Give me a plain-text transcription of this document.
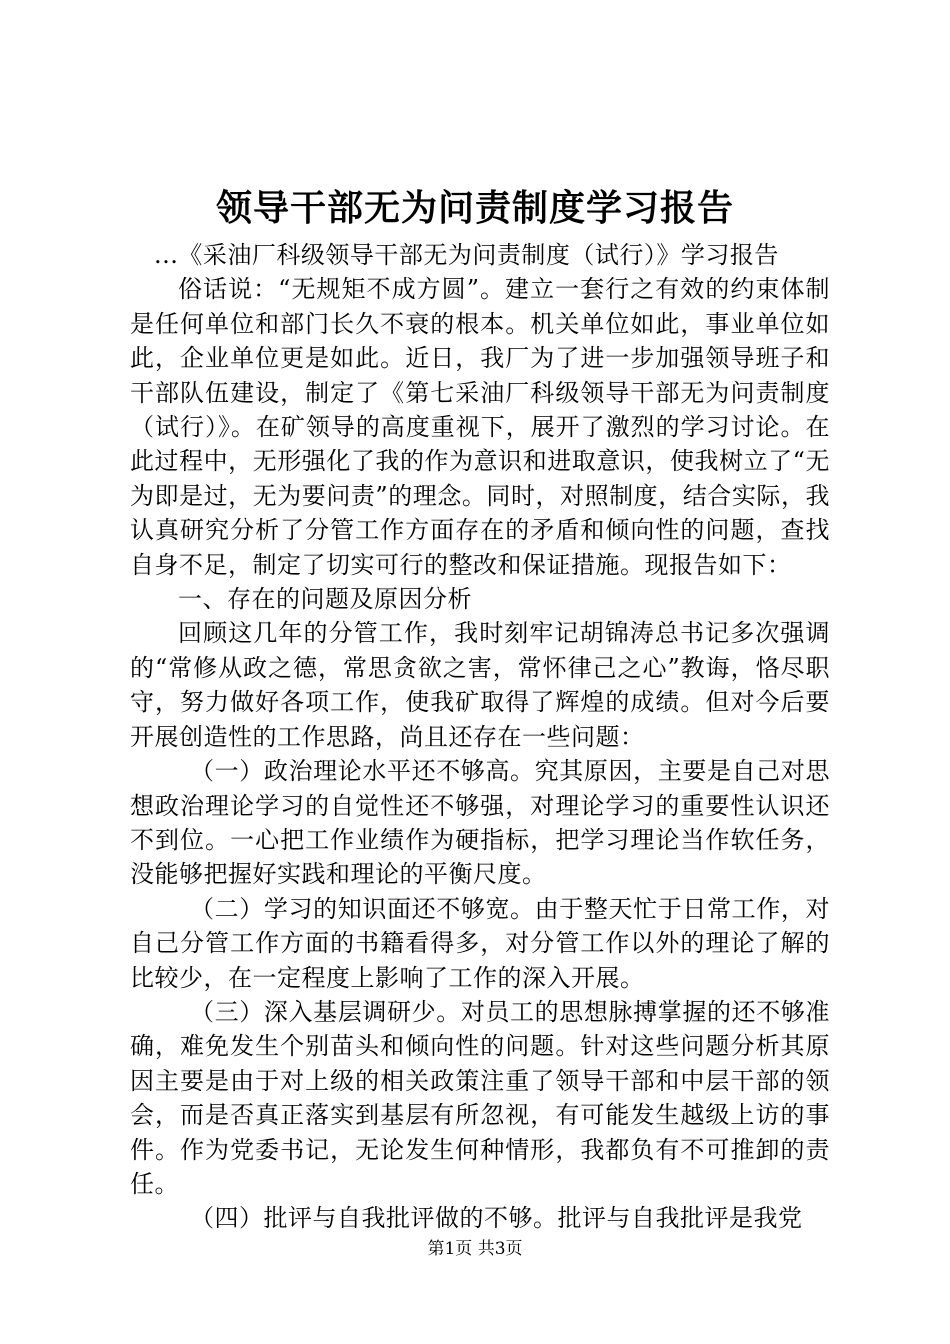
领导干部无为问责制度学习报告

...《采油厂科级领导干部无为问责制度（试行）》学习报告

俗话说：“无规矩不成方圆”。建立一套行之有效的约束体制是任何单位和部门长久不衰的根本。机关单位如此，事业单位如此，企业单位更是如此。近日，我厂为了进一步加强领导班子和干部队伍建设，制定了《第七采油厂科级领导干部无为问责制度（试行）》。在矿领导的高度重视下，展开了激烈的学习讨论。在此过程中，无形强化了我的作为意识和进取意识，使我树立了“无为即是过，无为要问责”的理念。同时，对照制度，结合实际，我认真研究分析了分管工作方面存在的矛盾和倾向性的问题，查找自身不足，制定了切实可行的整改和保证措施。现报告如下：

一、存在的问题及原因分析

回顾这几年的分管工作，我时刻牢记胡锦涛总书记多次强调的“常修从政之德，常思贪欲之害，常怀律己之心”教诲，恪尽职守，努力做好各项工作，使我矿取得了辉煌的成绩。但对今后要开展创造性的工作思路，尚且还存在一些问题：

（一）政治理论水平还不够高。究其原因，主要是自己对思想政治理论学习的自觉性还不够强，对理论学习的重要性认识还不到位。一心把工作业绩作为硬指标，把学习理论当作软任务，没能够把握好实践和理论的平衡尺度。

（二）学习的知识面还不够宽。由于整天忙于日常工作，对自己分管工作方面的书籍看得多，对分管工作以外的理论了解的比较少，在一定程度上影响了工作的深入开展。

（三）深入基层调研少。对员工的思想脉搏掌握的还不够准确，难免发生个别苗头和倾向性的问题。针对这些问题分析其原因主要是由于对上级的相关政策注重了领导干部和中层干部的领会，而是否真正落实到基层有所忽视，有可能发生越级上访的事件。作为党委书记，无论发生何种情形，我都负有不可推卸的责任。

（四）批评与自我批评做的不够。批评与自我批评是我党

第1页 共3页
